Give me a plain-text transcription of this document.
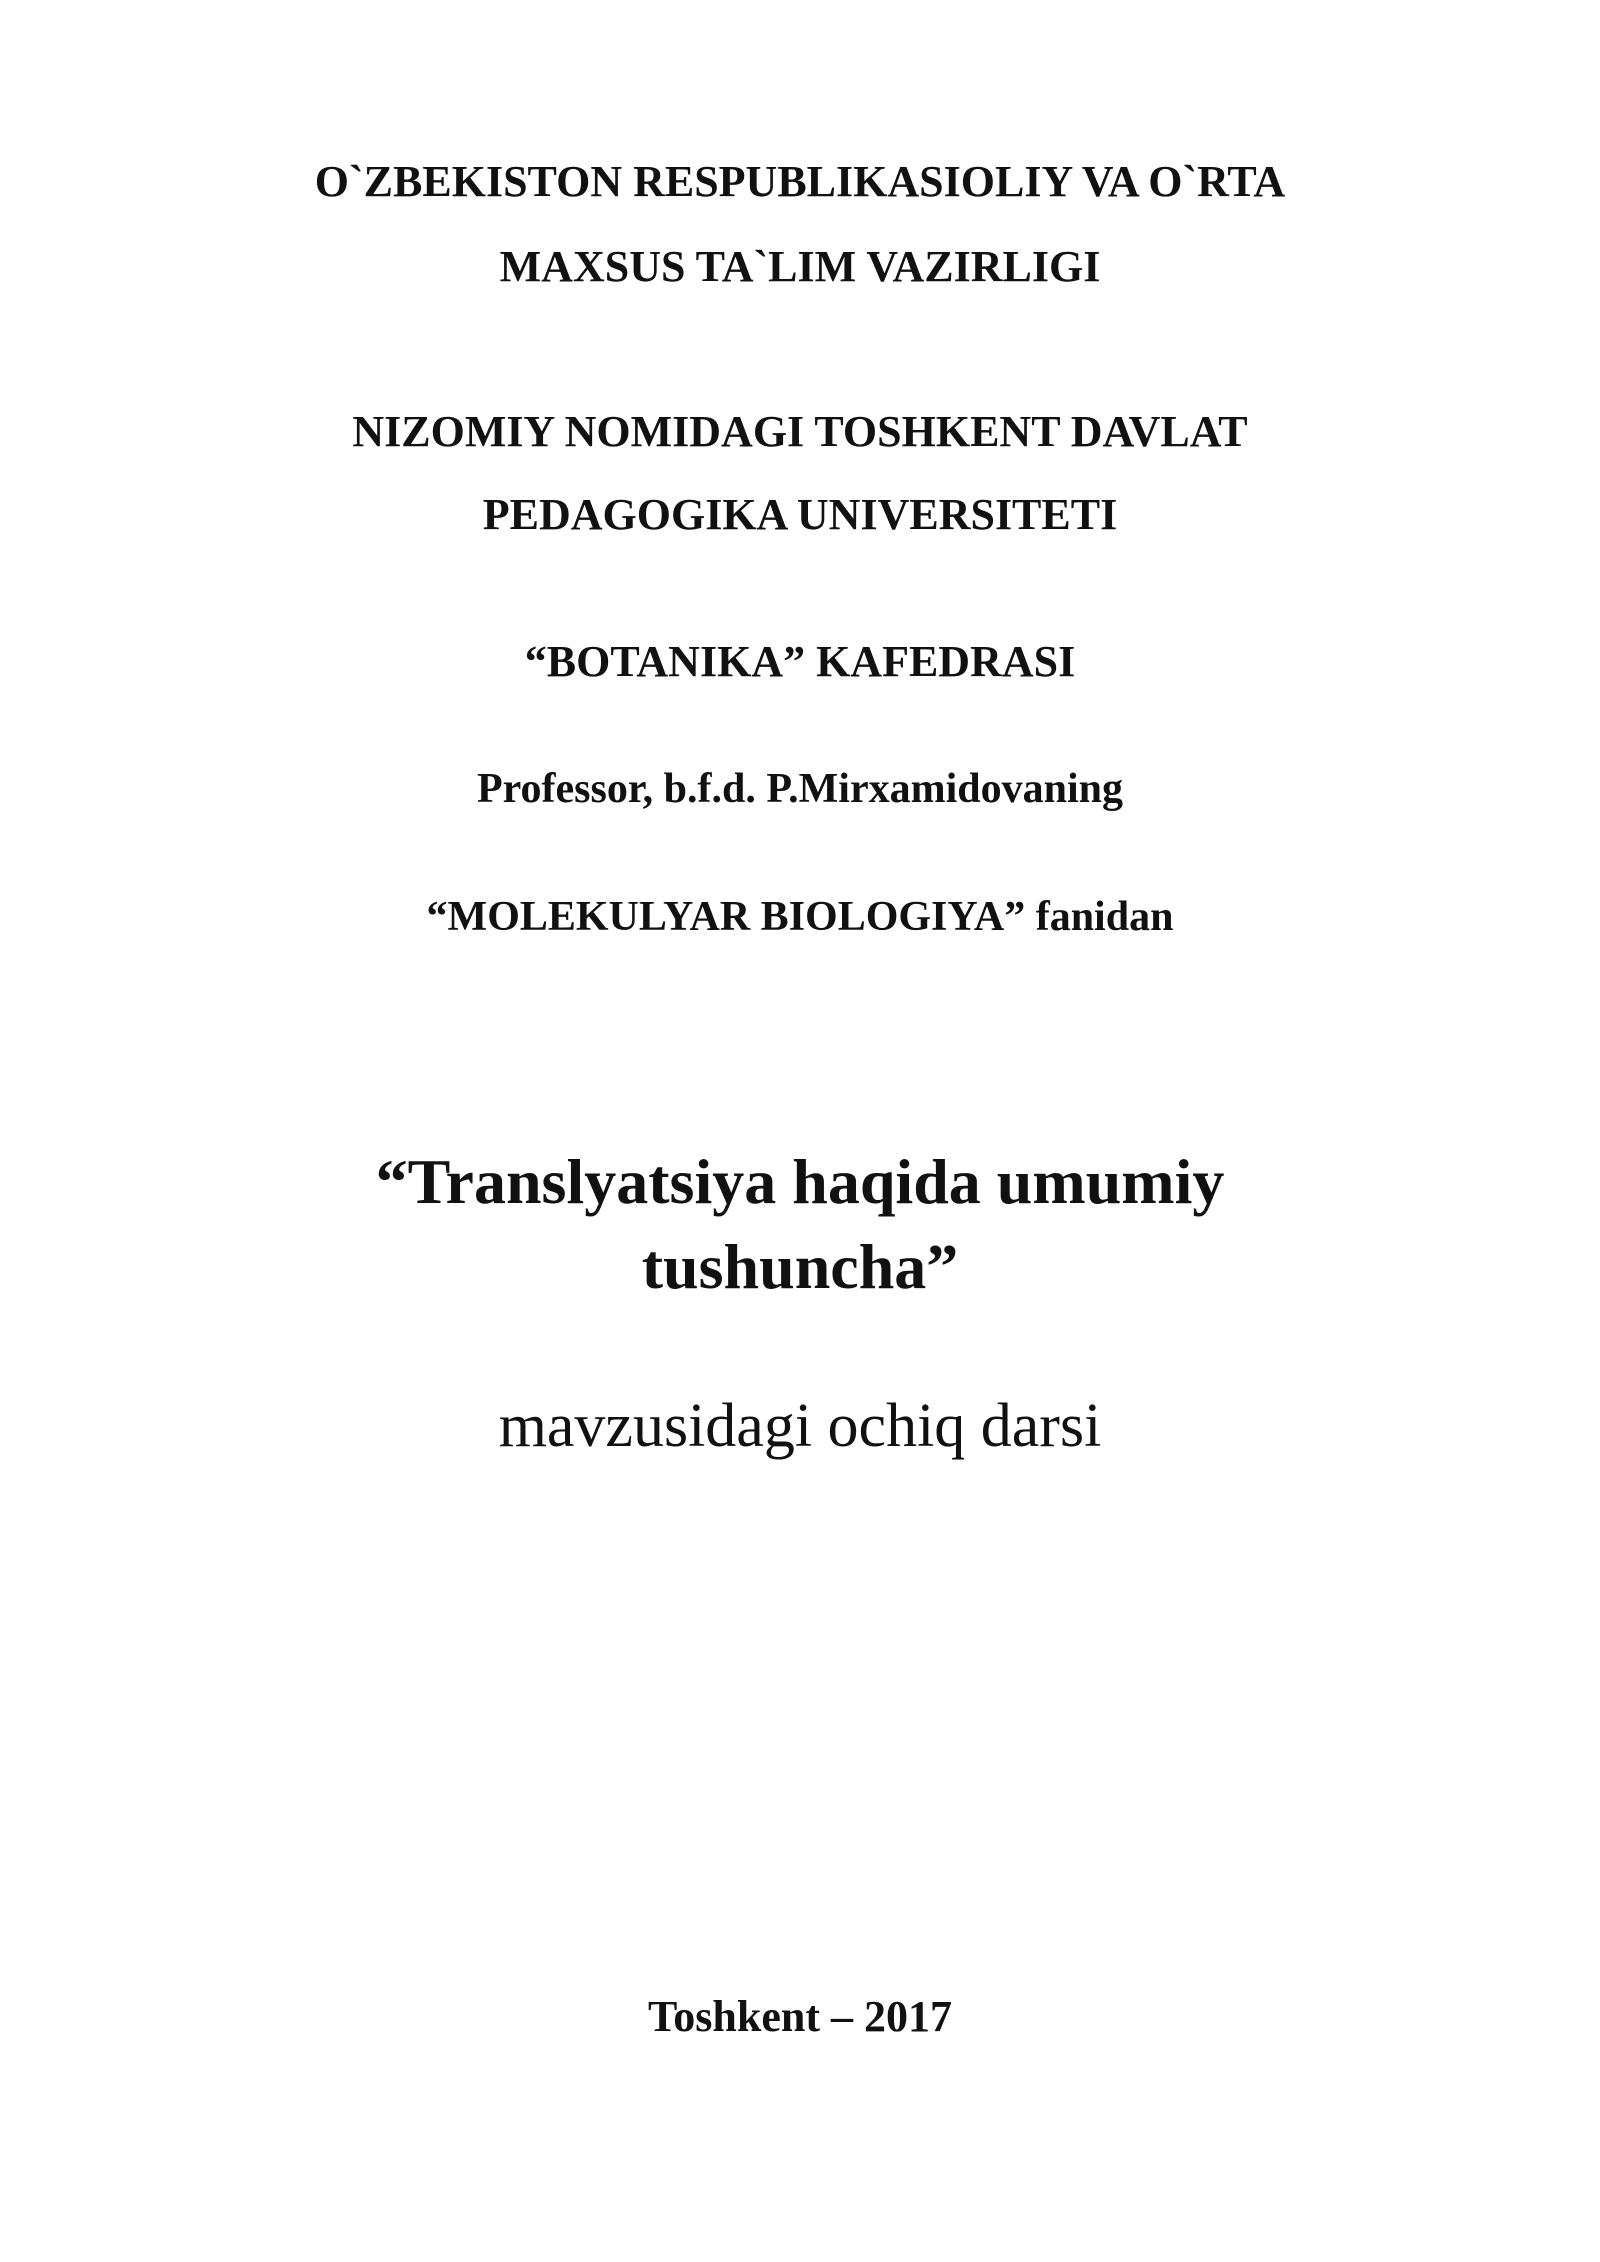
O`ZBEKISTON RESPUBLIKASIOLIY VA O`RTA
MAXSUS TA`LIM VAZIRLIGI
NIZOMIY NOMIDAGI TOSHKENT DAVLAT
PEDAGOGIKA UNIVERSITETI
“BOTANIKA” KAFEDRASI
Professor, b.f.d. P.Mirxamidovaning
“MOLEKULYAR BIOLOGIYA” fanidan
“Translyatsiya haqida umumiy
tushuncha”
mavzusidagi ochiq darsi
Toshkent – 2017
